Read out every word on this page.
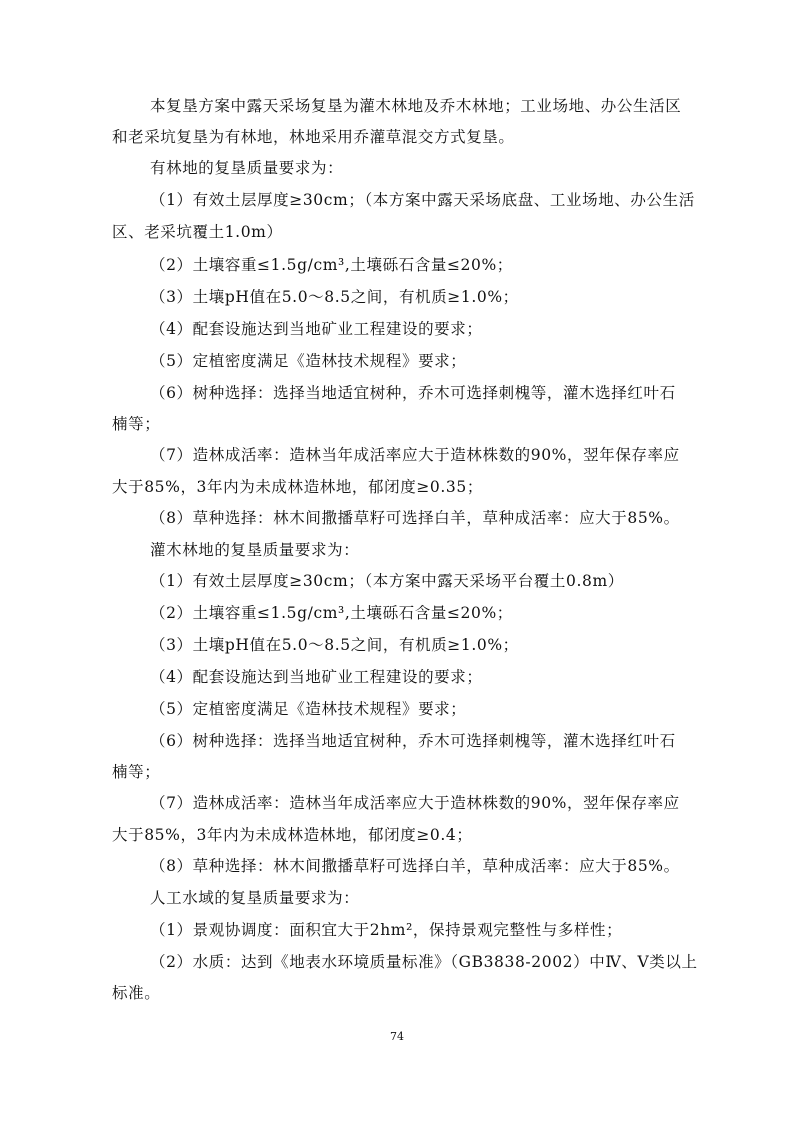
本复垦方案中露天采场复垦为灌木林地及乔木林地；工业场地、办公生活区
和老采坑复垦为有林地，林地采用乔灌草混交方式复垦。
有林地的复垦质量要求为：
（1）有效土层厚度≥30cm；（本方案中露天采场底盘、工业场地、办公生活
区、老采坑覆土1.0m）
（2）土壤容重≤1.5g/cm³,土壤砾石含量≤20%；
（3）土壤pH值在5.0～8.5之间，有机质≥1.0%；
（4）配套设施达到当地矿业工程建设的要求；
（5）定植密度满足《造林技术规程》要求；
（6）树种选择：选择当地适宜树种，乔木可选择刺槐等，灌木选择红叶石
楠等；
（7）造林成活率：造林当年成活率应大于造林株数的90%，翌年保存率应
大于85%，3年内为未成林造林地，郁闭度≥0.35；
（8）草种选择：林木间撒播草籽可选择白羊，草种成活率：应大于85%。
灌木林地的复垦质量要求为：
（1）有效土层厚度≥30cm；（本方案中露天采场平台覆土0.8m）
（2）土壤容重≤1.5g/cm³,土壤砾石含量≤20%；
（3）土壤pH值在5.0～8.5之间，有机质≥1.0%；
（4）配套设施达到当地矿业工程建设的要求；
（5）定植密度满足《造林技术规程》要求；
（6）树种选择：选择当地适宜树种，乔木可选择刺槐等，灌木选择红叶石
楠等；
（7）造林成活率：造林当年成活率应大于造林株数的90%，翌年保存率应
大于85%，3年内为未成林造林地，郁闭度≥0.4；
（8）草种选择：林木间撒播草籽可选择白羊，草种成活率：应大于85%。
人工水域的复垦质量要求为：
（1）景观协调度：面积宜大于2hm²，保持景观完整性与多样性；
（2）水质：达到《地表水环境质量标准》（GB3838-2002）中Ⅳ、Ⅴ类以上
标准。
74
